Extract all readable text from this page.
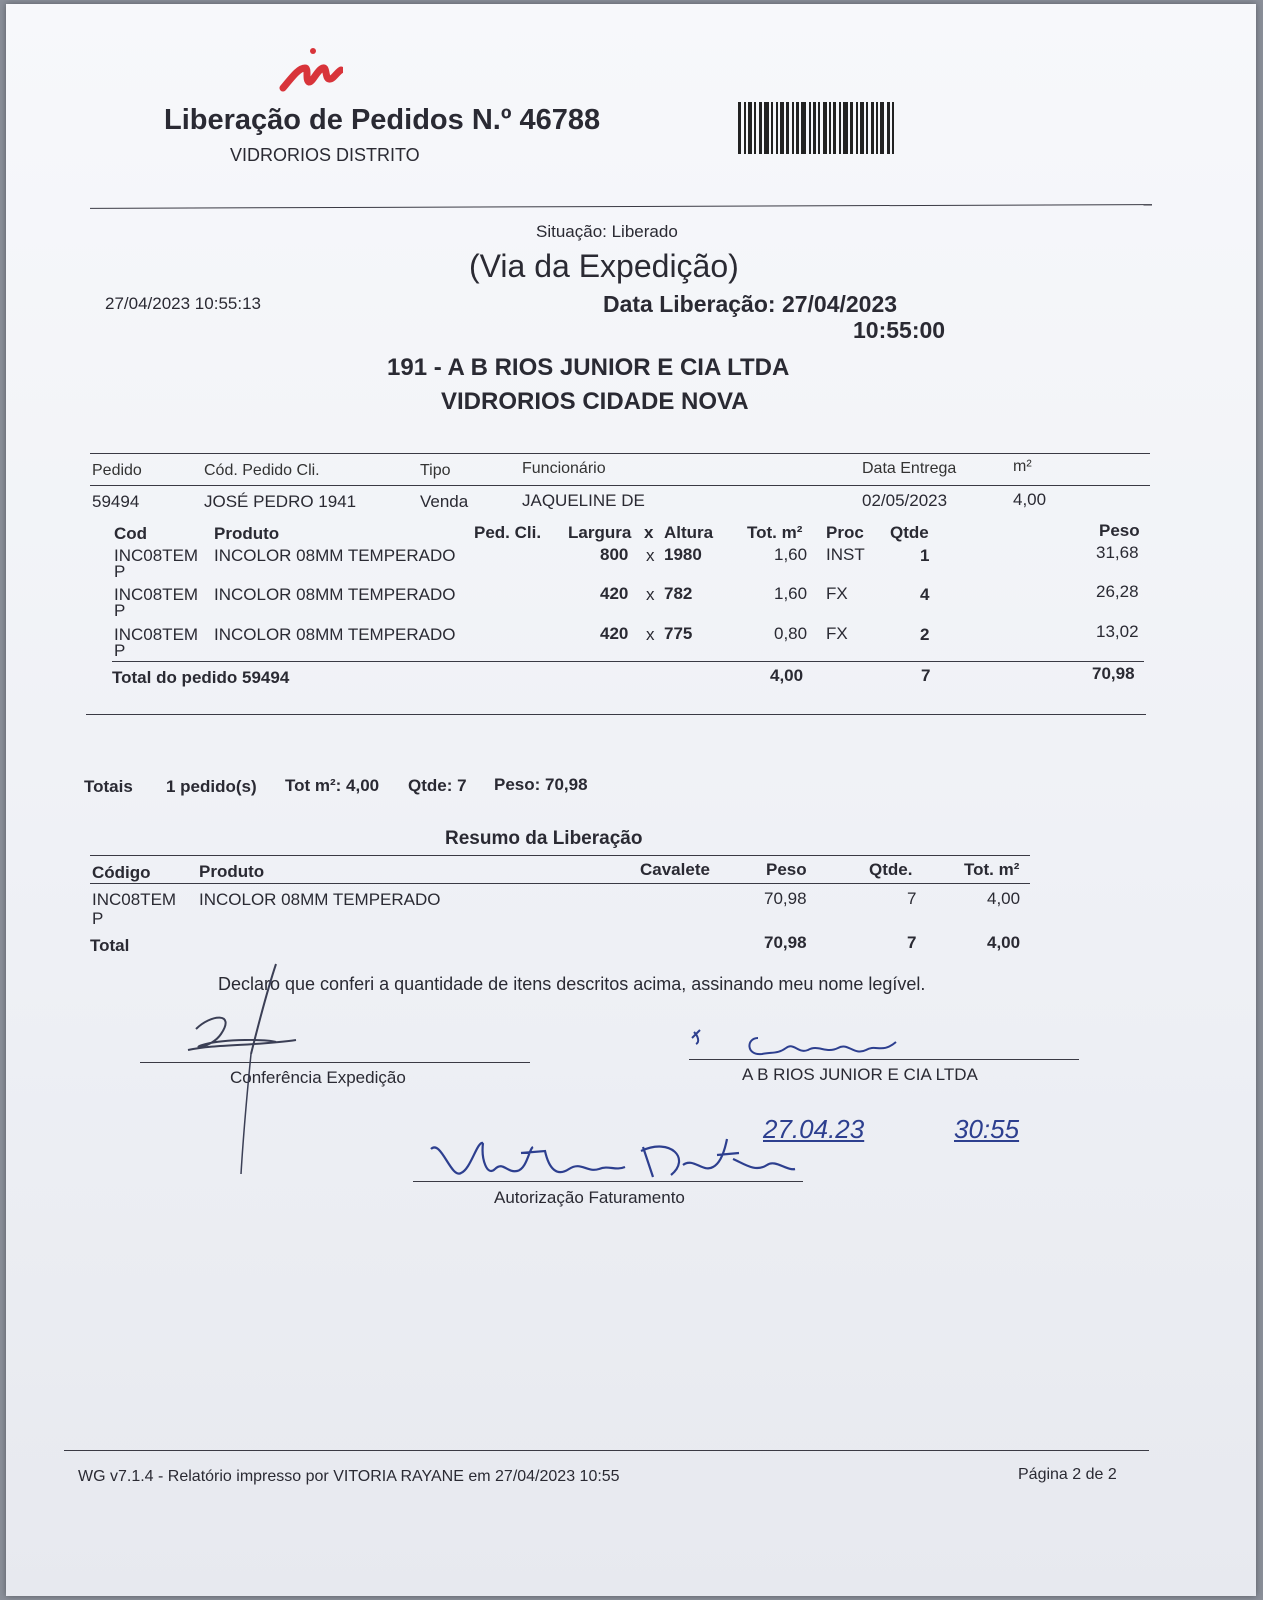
Liberação de Pedidos N.º 46788
VIDRORIOS DISTRITO
Situação: Liberado
(Via da Expedição)
27/04/2023 10:55:13	Data Liberação: 27/04/2023
10:55:00
191 - A B RIOS JUNIOR E CIA LTDA
VIDRORIOS CIDADE NOVA
Pedido	Cód. Pedido Cli.	Tipo	Funcionário	Data Entrega	m²
59494	JOSÉ PEDRO 1941	Venda	JAQUELINE DE	02/05/2023	4,00
Cod	Produto	Ped. Cli. Largura x Altura Tot. m² Proc Qtde	Peso
INC08TEM
P
INCOLOR 08MM TEMPERADO	800 x 1980	1,60 INST	1	31,68
INC08TEM
P
INCOLOR 08MM TEMPERADO	420 x 782	1,60 FX	4	26,28
INC08TEM
P
INCOLOR 08MM TEMPERADO	420 x 775	0,80 FX	2	13,02
Total do pedido 59494	4,00	7	70,98
Totais 1 pedido(s) Tot m²: 4,00 Qtde: 7 Peso: 70,98
Resumo da Liberação
Código	Produto	Cavalete	Peso	Qtde.	Tot. m²
INC08TEM
P
INCOLOR 08MM TEMPERADO	70,98	7	4,00
Total	70,98	7	4,00
Declaro que conferi a quantidade de itens descritos acima, assinando meu nome legível.
Conferência Expedição	A B RIOS JUNIOR E CIA LTDA
Autorização Faturamento
27.04.23	30:55
WG v7.1.4 - Relatório impresso por VITORIA RAYANE em 27/04/2023 10:55	Página 2 de 2
